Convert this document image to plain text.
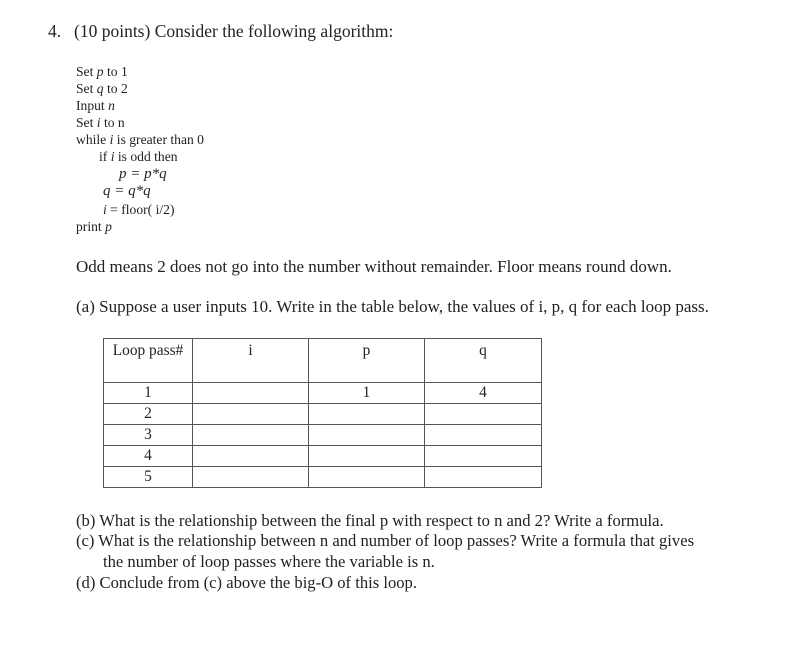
4. (10 points) Consider the following algorithm:
Set p to 1
Set q to 2
Input n
Set i to n
while i is greater than 0
if i is odd then
p = p*q
q = q*q
i = floor( i/2)
print p
Odd means 2 does not go into the number without remainder. Floor means round down.
(a) Suppose a user inputs 10. Write in the table below, the values of i, p, q for each loop pass.
Loop pass#	i	p	q
1		1	4
2			
3			
4			
5			
(b) What is the relationship between the final p with respect to n and 2? Write a formula.
(c) What is the relationship between n and number of loop passes? Write a formula that gives
the number of loop passes where the variable is n.
(d) Conclude from (c) above the big-O of this loop.
